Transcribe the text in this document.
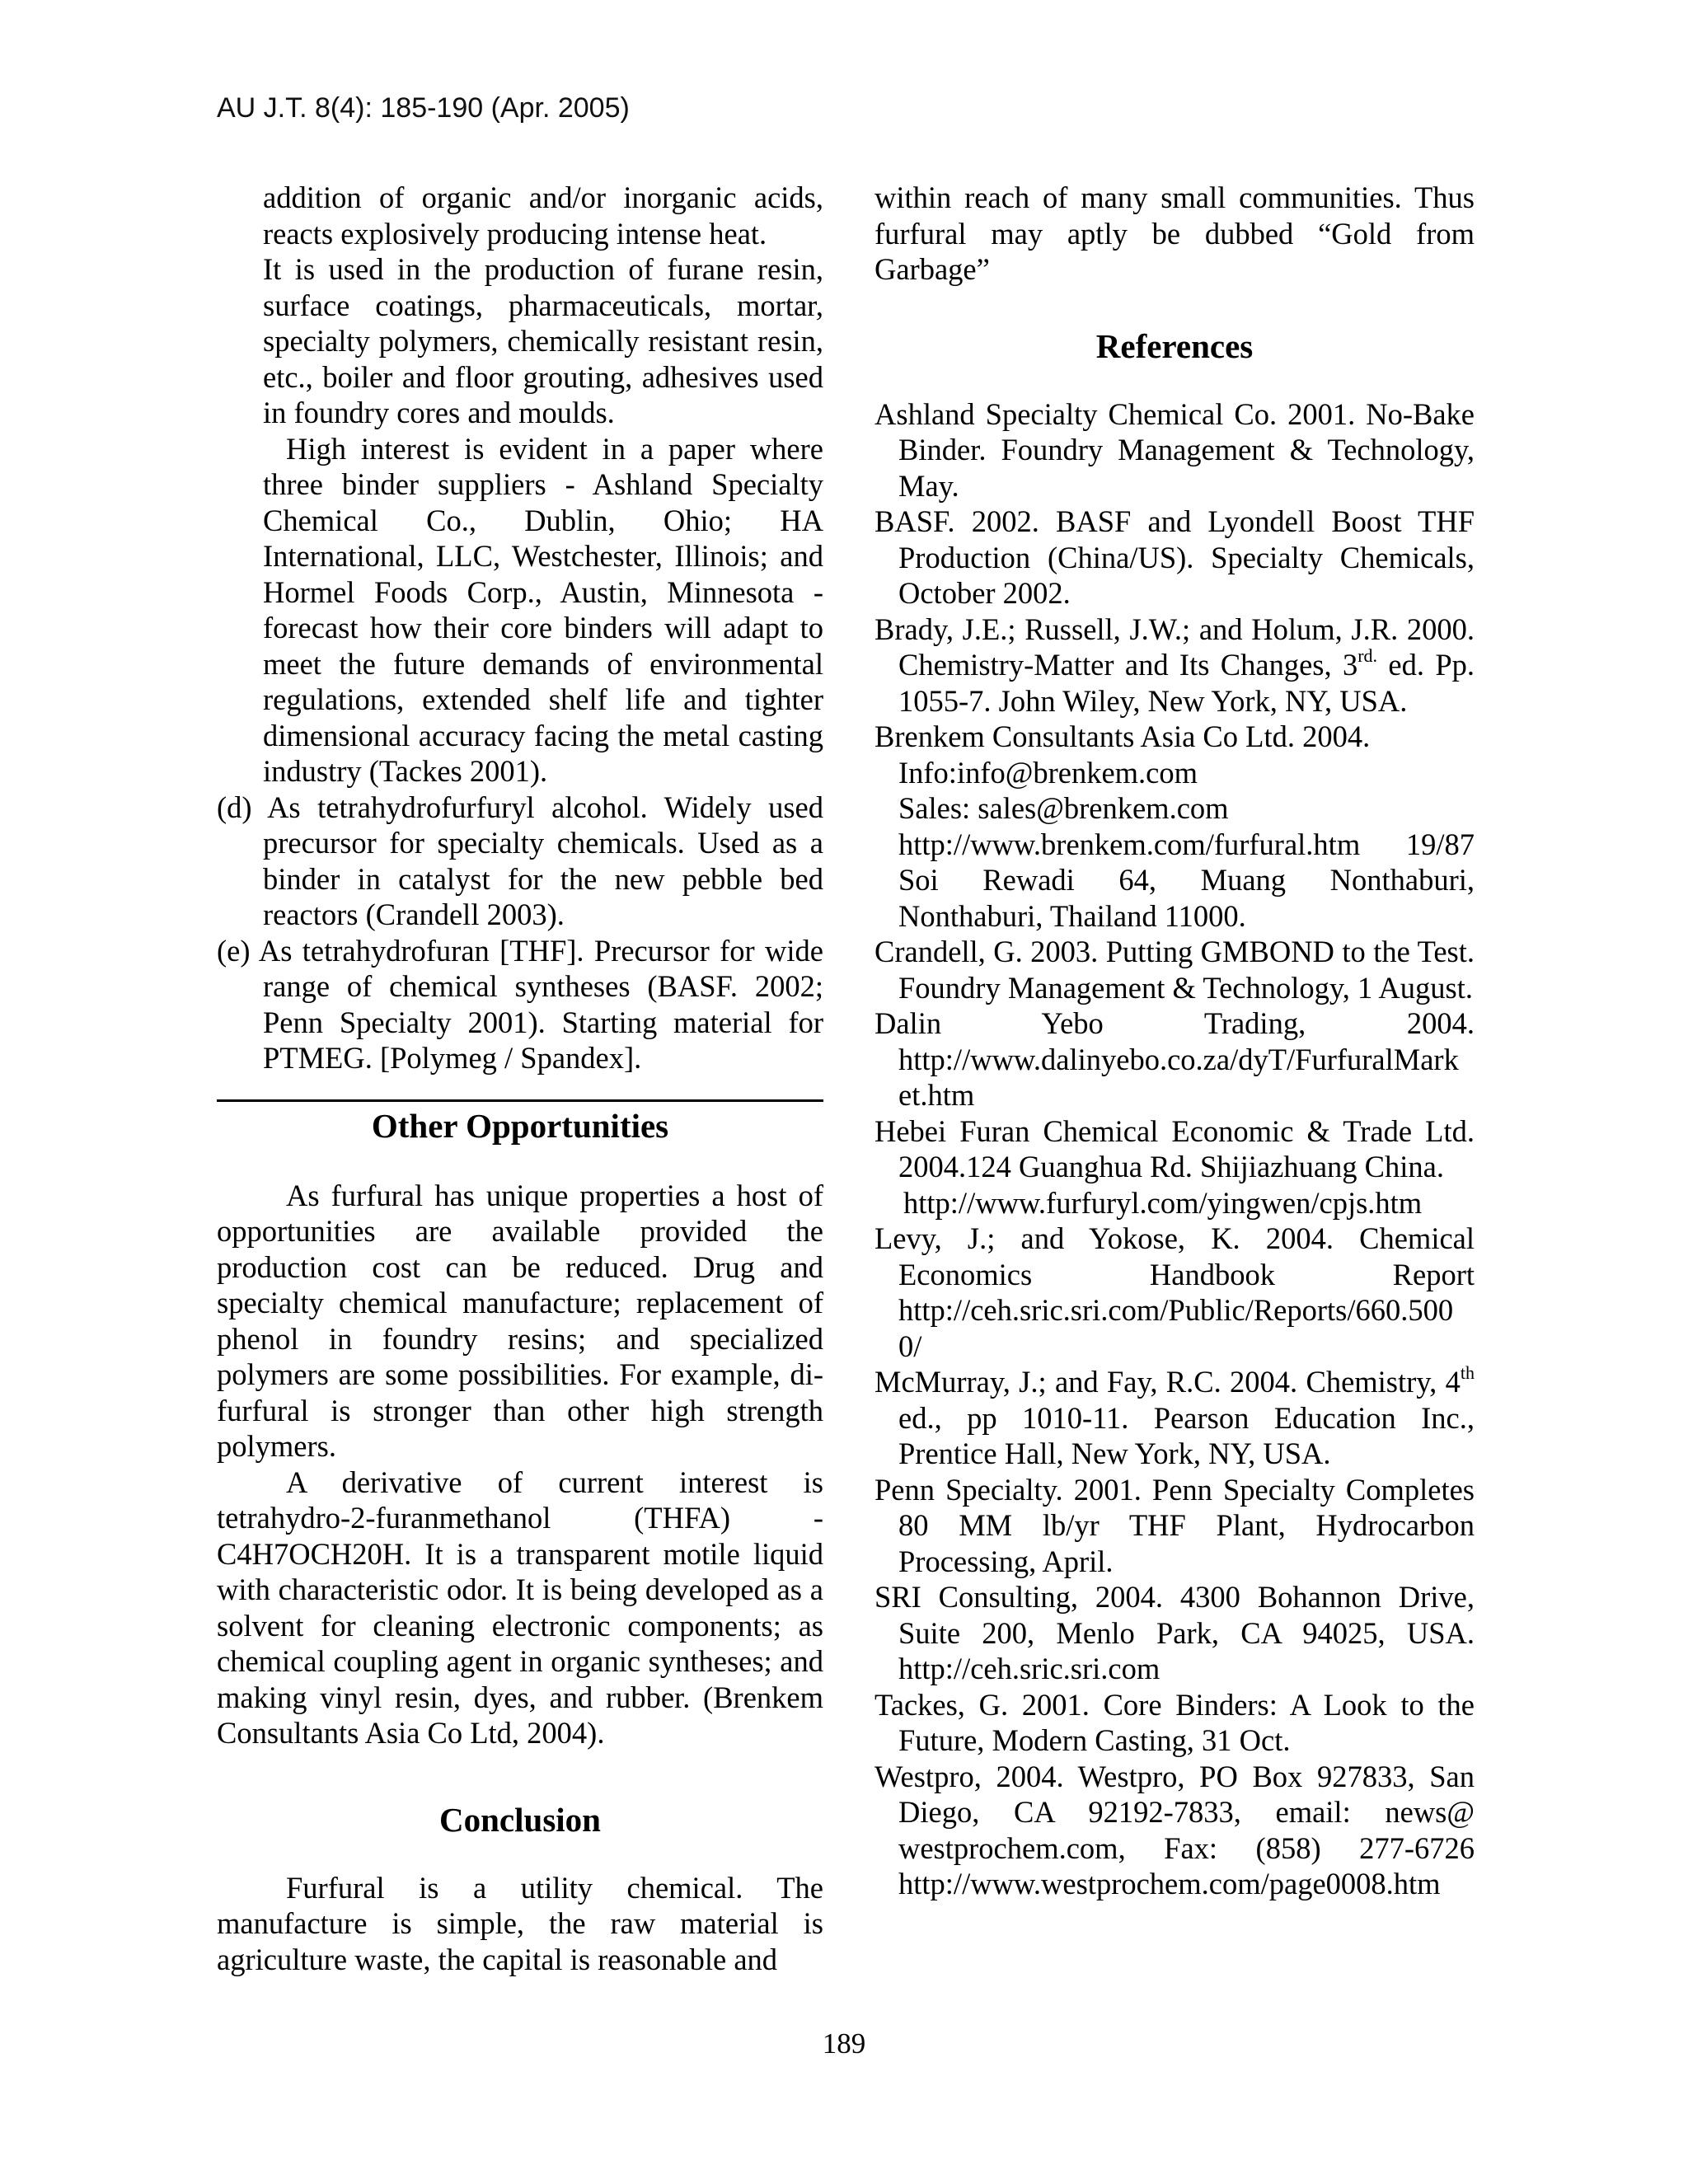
AU J.T. 8(4): 185-190 (Apr. 2005)

addition of organic and/or inorganic acids, reacts explosively producing intense heat.

It is used in the production of furane resin, surface coatings, pharmaceuticals, mortar, specialty polymers, chemically resistant resin, etc., boiler and floor grouting, adhesives used in foundry cores and moulds.

High interest is evident in a paper where three binder suppliers - Ashland Specialty Chemical Co., Dublin, Ohio; HA International, LLC, Westchester, Illinois; and Hormel Foods Corp., Austin, Minnesota - forecast how their core binders will adapt to meet the future demands of environmental regulations, extended shelf life and tighter dimensional accuracy facing the metal casting industry (Tackes 2001).

(d) As tetrahydrofurfuryl alcohol. Widely used precursor for specialty chemicals. Used as a binder in catalyst for the new pebble bed reactors (Crandell 2003).

(e) As tetrahydrofuran [THF]. Precursor for wide range of chemical syntheses (BASF. 2002; Penn Specialty 2001). Starting material for PTMEG. [Polymeg / Spandex].

Other Opportunities

As furfural has unique properties a host of opportunities are available provided the production cost can be reduced. Drug and specialty chemical manufacture; replacement of phenol in foundry resins; and specialized polymers are some possibilities. For example, di-furfural is stronger than other high strength polymers.

A derivative of current interest is tetrahydro-2-furanmethanol (THFA) - C4H7OCH20H. It is a transparent motile liquid with characteristic odor. It is being developed as a solvent for cleaning electronic components; as chemical coupling agent in organic syntheses; and making vinyl resin, dyes, and rubber. (Brenkem Consultants Asia Co Ltd, 2004).

Conclusion

Furfural is a utility chemical. The manufacture is simple, the raw material is agriculture waste, the capital is reasonable and

within reach of many small communities. Thus furfural may aptly be dubbed “Gold from Garbage”

References

Ashland Specialty Chemical Co. 2001. No-Bake Binder. Foundry Management & Technology, May.

BASF. 2002. BASF and Lyondell Boost THF Production (China/US). Specialty Chemicals, October 2002.

Brady, J.E.; Russell, J.W.; and Holum, J.R. 2000. Chemistry-Matter and Its Changes, $3^{rd.}$ ed. Pp. 1055-7. John Wiley, New York, NY, USA.

Brenkem Consultants Asia Co Ltd. 2004.

Info:info@brenkem.com

Sales: sales@brenkem.com

http://www.brenkem.com/furfural.htm 19/87 Soi Rewadi 64, Muang Nonthaburi, Nonthaburi, Thailand 11000.

Crandell, G. 2003. Putting GMBOND to the Test. Foundry Management & Technology, 1 August.

Dalin Yebo Trading, 2004. http://www.dalinyebo.co.za/dyT/FurfuralMark et.htm

Hebei Furan Chemical Economic & Trade Ltd. 2004.124 Guanghua Rd. Shijiazhuang China.

http://www.furfuryl.com/yingwen/cpjs.htm

Levy, J.; and Yokose, K. 2004. Chemical Economics Handbook Report http://ceh.sric.sri.com/Public/Reports/660.500 0/

McMurray, J.; and Fay, R.C. 2004. Chemistry, 4th ed., pp 1010-11. Pearson Education Inc., Prentice Hall, New York, NY, USA.

Penn Specialty. 2001. Penn Specialty Completes 80 MM lb/yr THF Plant, Hydrocarbon Processing, April.

SRI Consulting, 2004. 4300 Bohannon Drive, Suite 200, Menlo Park, CA 94025, USA. http://ceh.sric.sri.com

Tackes, G. 2001. Core Binders: A Look to the Future, Modern Casting, 31 Oct.

Westpro, 2004. Westpro, PO Box 927833, San Diego, CA 92192-7833, email: news@ westprochem.com, Fax: (858) 277-6726 http://www.westprochem.com/page0008.htm

189
